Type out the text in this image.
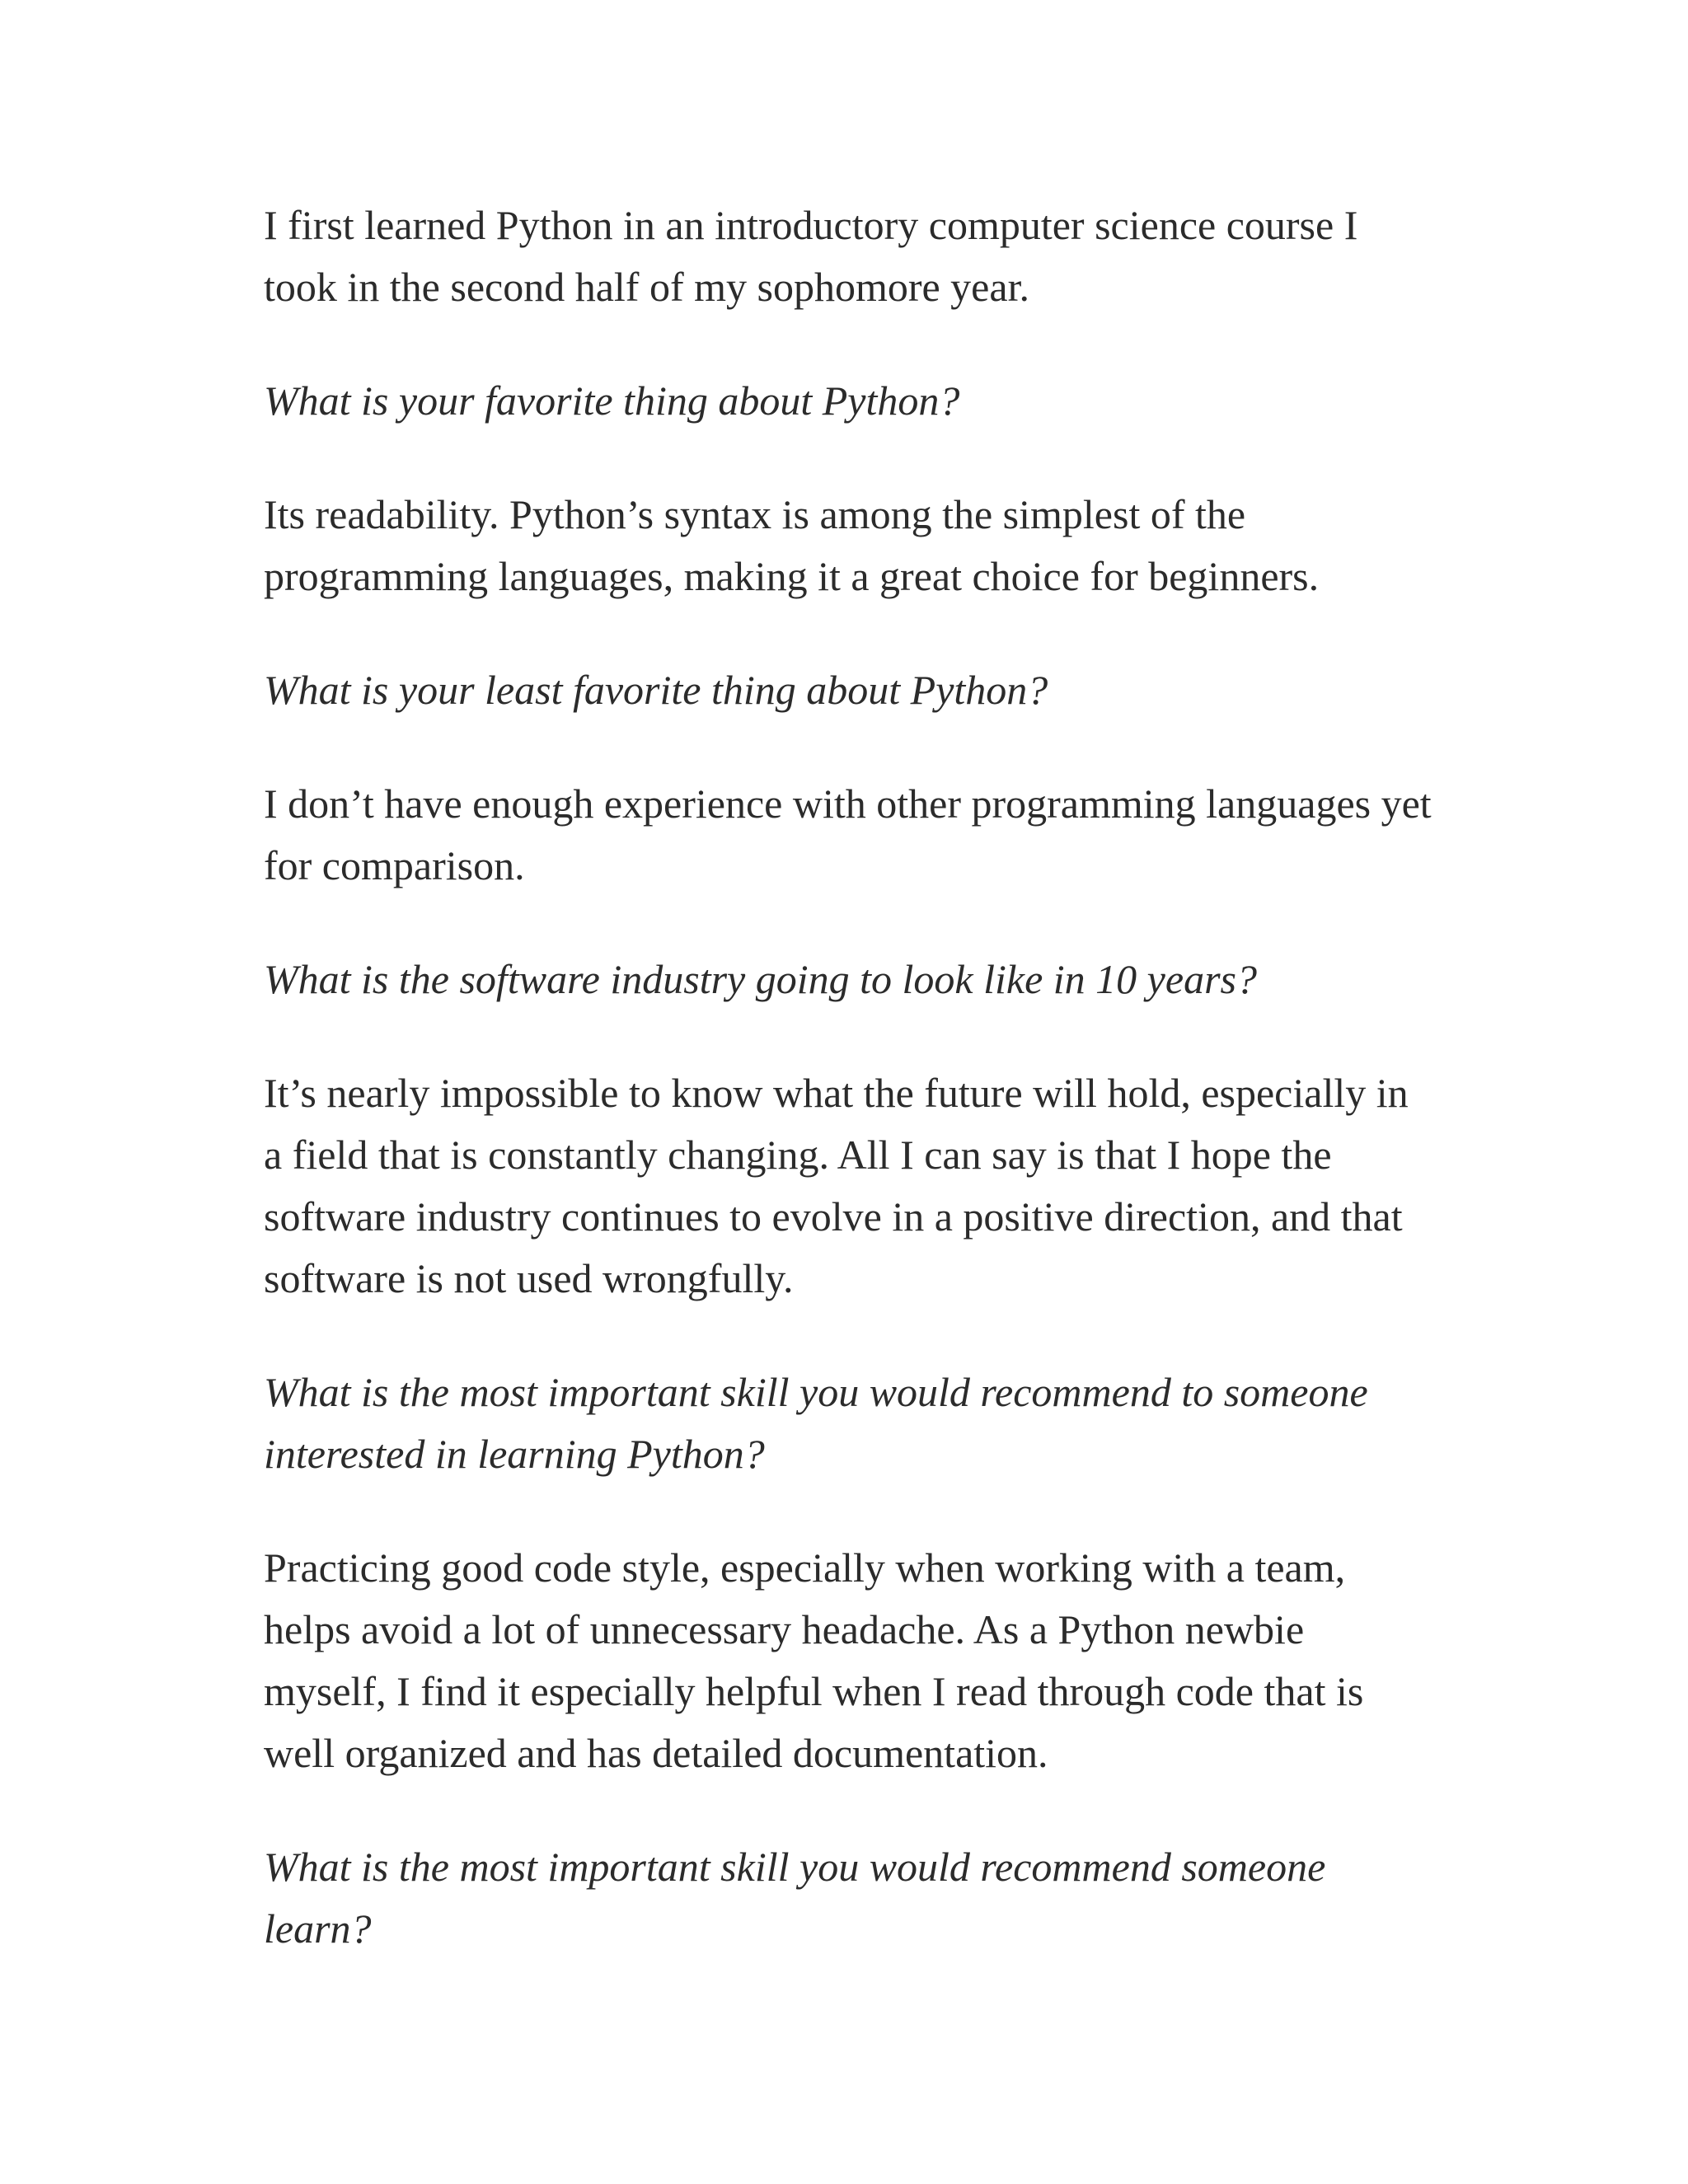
I first learned Python in an introductory computer science course I took in the second half of my sophomore year.

What is your favorite thing about Python?

Its readability. Python’s syntax is among the simplest of the programming languages, making it a great choice for beginners.

What is your least favorite thing about Python?

I don’t have enough experience with other programming languages yet for comparison.

What is the software industry going to look like in 10 years?

It’s nearly impossible to know what the future will hold, especially in a field that is constantly changing. All I can say is that I hope the software industry continues to evolve in a positive direction, and that software is not used wrongfully.

What is the most important skill you would recommend to someone interested in learning Python?

Practicing good code style, especially when working with a team, helps avoid a lot of unnecessary headache. As a Python newbie myself, I find it especially helpful when I read through code that is well organized and has detailed documentation.

What is the most important skill you would recommend someone learn?
